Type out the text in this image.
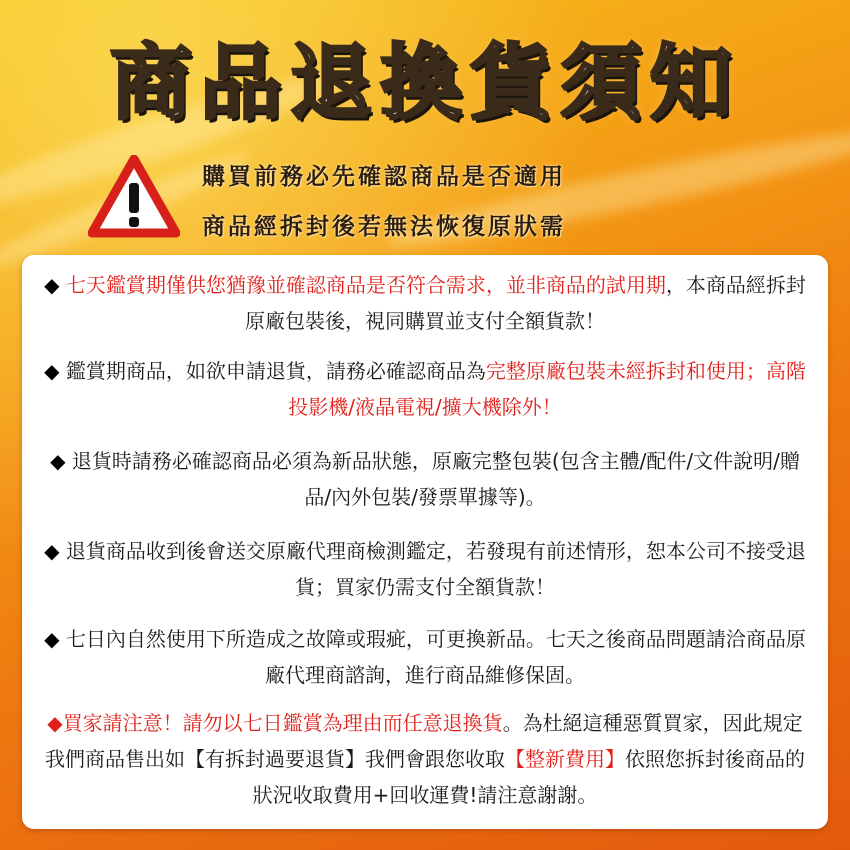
商品退換貨須知
購買前務必先確認商品是否適用
商品經拆封後若無法恢復原狀需
◆ 七天鑑賞期僅供您猶豫並確認商品是否符合需求，並非商品的試用期，本商品經拆封原廠包裝後，視同購買並支付全額貨款！
◆ 鑑賞期商品，如欲申請退貨，請務必確認商品為完整原廠包裝未經拆封和使用；高階投影機/液晶電視/擴大機除外！
◆ 退貨時請務必確認商品必須為新品狀態，原廠完整包裝(包含主體/配件/文件說明/贈品/內外包裝/發票單據等)。
◆ 退貨商品收到後會送交原廠代理商檢測鑑定，若發現有前述情形，恕本公司不接受退貨；買家仍需支付全額貨款！
◆ 七日內自然使用下所造成之故障或瑕疵，可更換新品。七天之後商品問題請洽商品原廠代理商諮詢，進行商品維修保固。
◆買家請注意！請勿以七日鑑賞為理由而任意退換貨。為杜絕這種惡質買家，因此規定我們商品售出如【有拆封過要退貨】我們會跟您收取【整新費用】依照您拆封後商品的狀況收取費用+回收運費!請注意謝謝。
